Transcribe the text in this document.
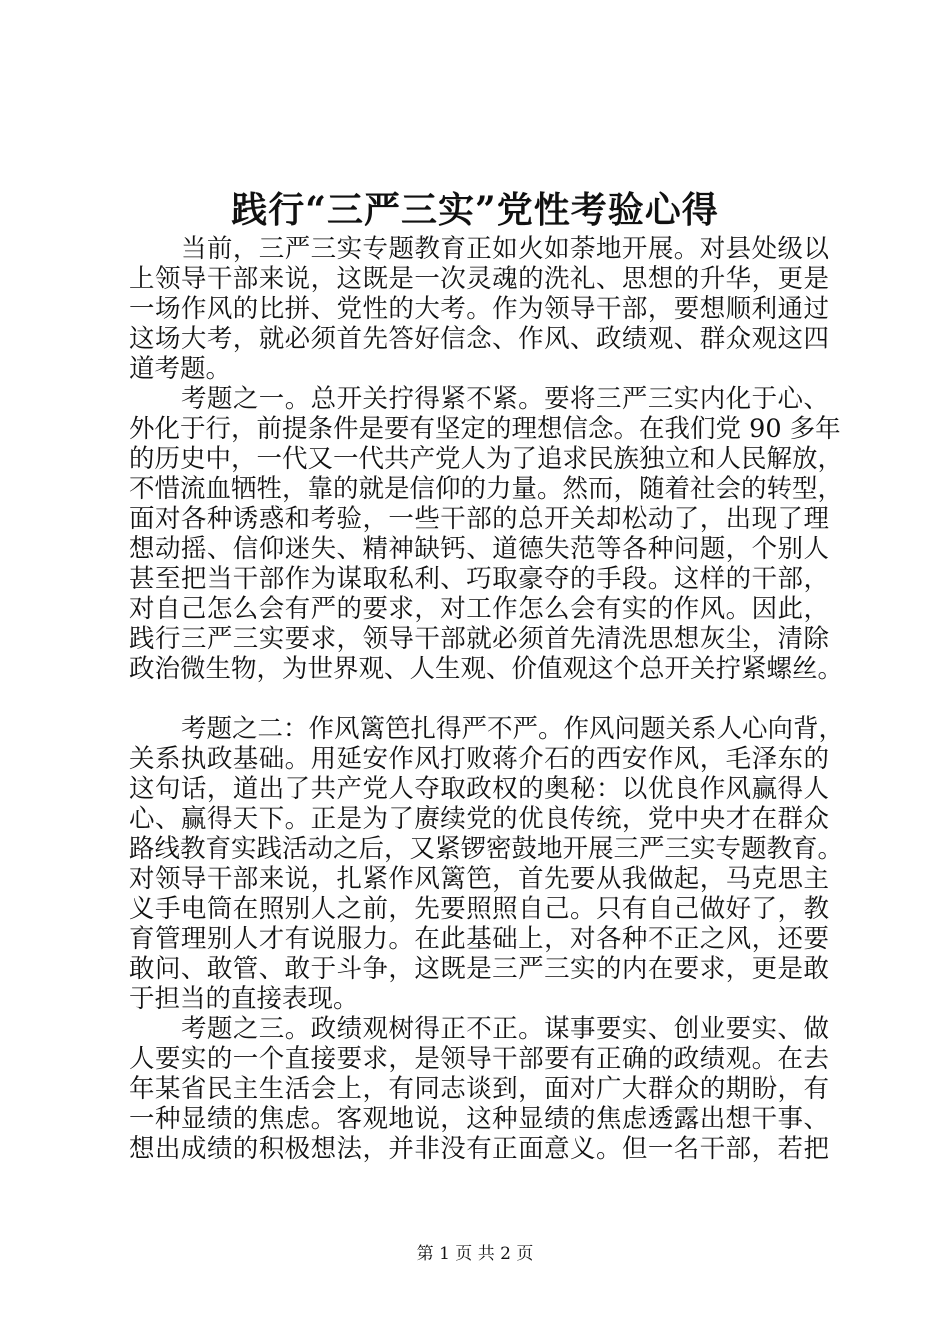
践行“三严三实”党性考验心得
当前，三严三实专题教育正如火如荼地开展。对县处级以
上领导干部来说，这既是一次灵魂的洗礼、思想的升华，更是
一场作风的比拼、党性的大考。作为领导干部，要想顺利通过
这场大考，就必须首先答好信念、作风、政绩观、群众观这四
道考题。
考题之一。总开关拧得紧不紧。要将三严三实内化于心、
外化于行，前提条件是要有坚定的理想信念。在我们党 90 多年
的历史中，一代又一代共产党人为了追求民族独立和人民解放，
不惜流血牺牲，靠的就是信仰的力量。然而，随着社会的转型，
面对各种诱惑和考验，一些干部的总开关却松动了，出现了理
想动摇、信仰迷失、精神缺钙、道德失范等各种问题，个别人
甚至把当干部作为谋取私利、巧取豪夺的手段。这样的干部，
对自己怎么会有严的要求，对工作怎么会有实的作风。因此，
践行三严三实要求，领导干部就必须首先清洗思想灰尘，清除
政治微生物，为世界观、人生观、价值观这个总开关拧紧螺丝。
考题之二：作风篱笆扎得严不严。作风问题关系人心向背，
关系执政基础。用延安作风打败蒋介石的西安作风，毛泽东的
这句话，道出了共产党人夺取政权的奥秘：以优良作风赢得人
心、赢得天下。正是为了赓续党的优良传统，党中央才在群众
路线教育实践活动之后，又紧锣密鼓地开展三严三实专题教育。
对领导干部来说，扎紧作风篱笆，首先要从我做起，马克思主
义手电筒在照别人之前，先要照照自己。只有自己做好了，教
育管理别人才有说服力。在此基础上，对各种不正之风，还要
敢问、敢管、敢于斗争，这既是三严三实的内在要求，更是敢
于担当的直接表现。
考题之三。政绩观树得正不正。谋事要实、创业要实、做
人要实的一个直接要求，是领导干部要有正确的政绩观。在去
年某省民主生活会上，有同志谈到，面对广大群众的期盼，有
一种显绩的焦虑。客观地说，这种显绩的焦虑透露出想干事、
想出成绩的积极想法，并非没有正面意义。但一名干部，若把
第 1 页 共 2 页
